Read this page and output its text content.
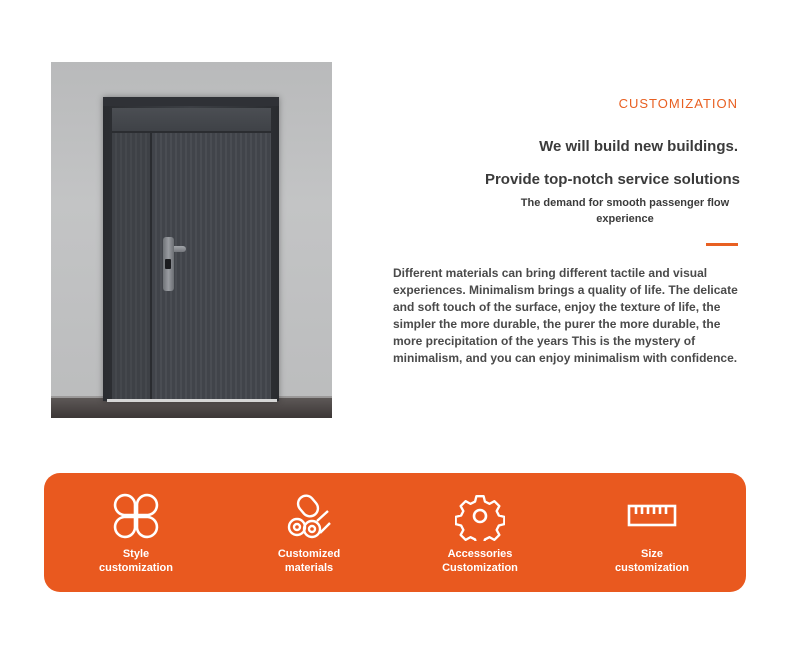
CUSTOMIZATION
We will build new buildings.
Provide top-notch service solutions

The demand for smooth passenger flow experience

Different materials can bring different tactile and visual experiences. Minimalism brings a quality of life. The delicate and soft touch of the surface, enjoy the texture of life, the simpler the more durable, the purer the more durable, the more precipitation of the years This is the mystery of minimalism, and you can enjoy minimalism with confidence.

Style
customization
Customized
materials
Accessories
Customization
Size
customization
